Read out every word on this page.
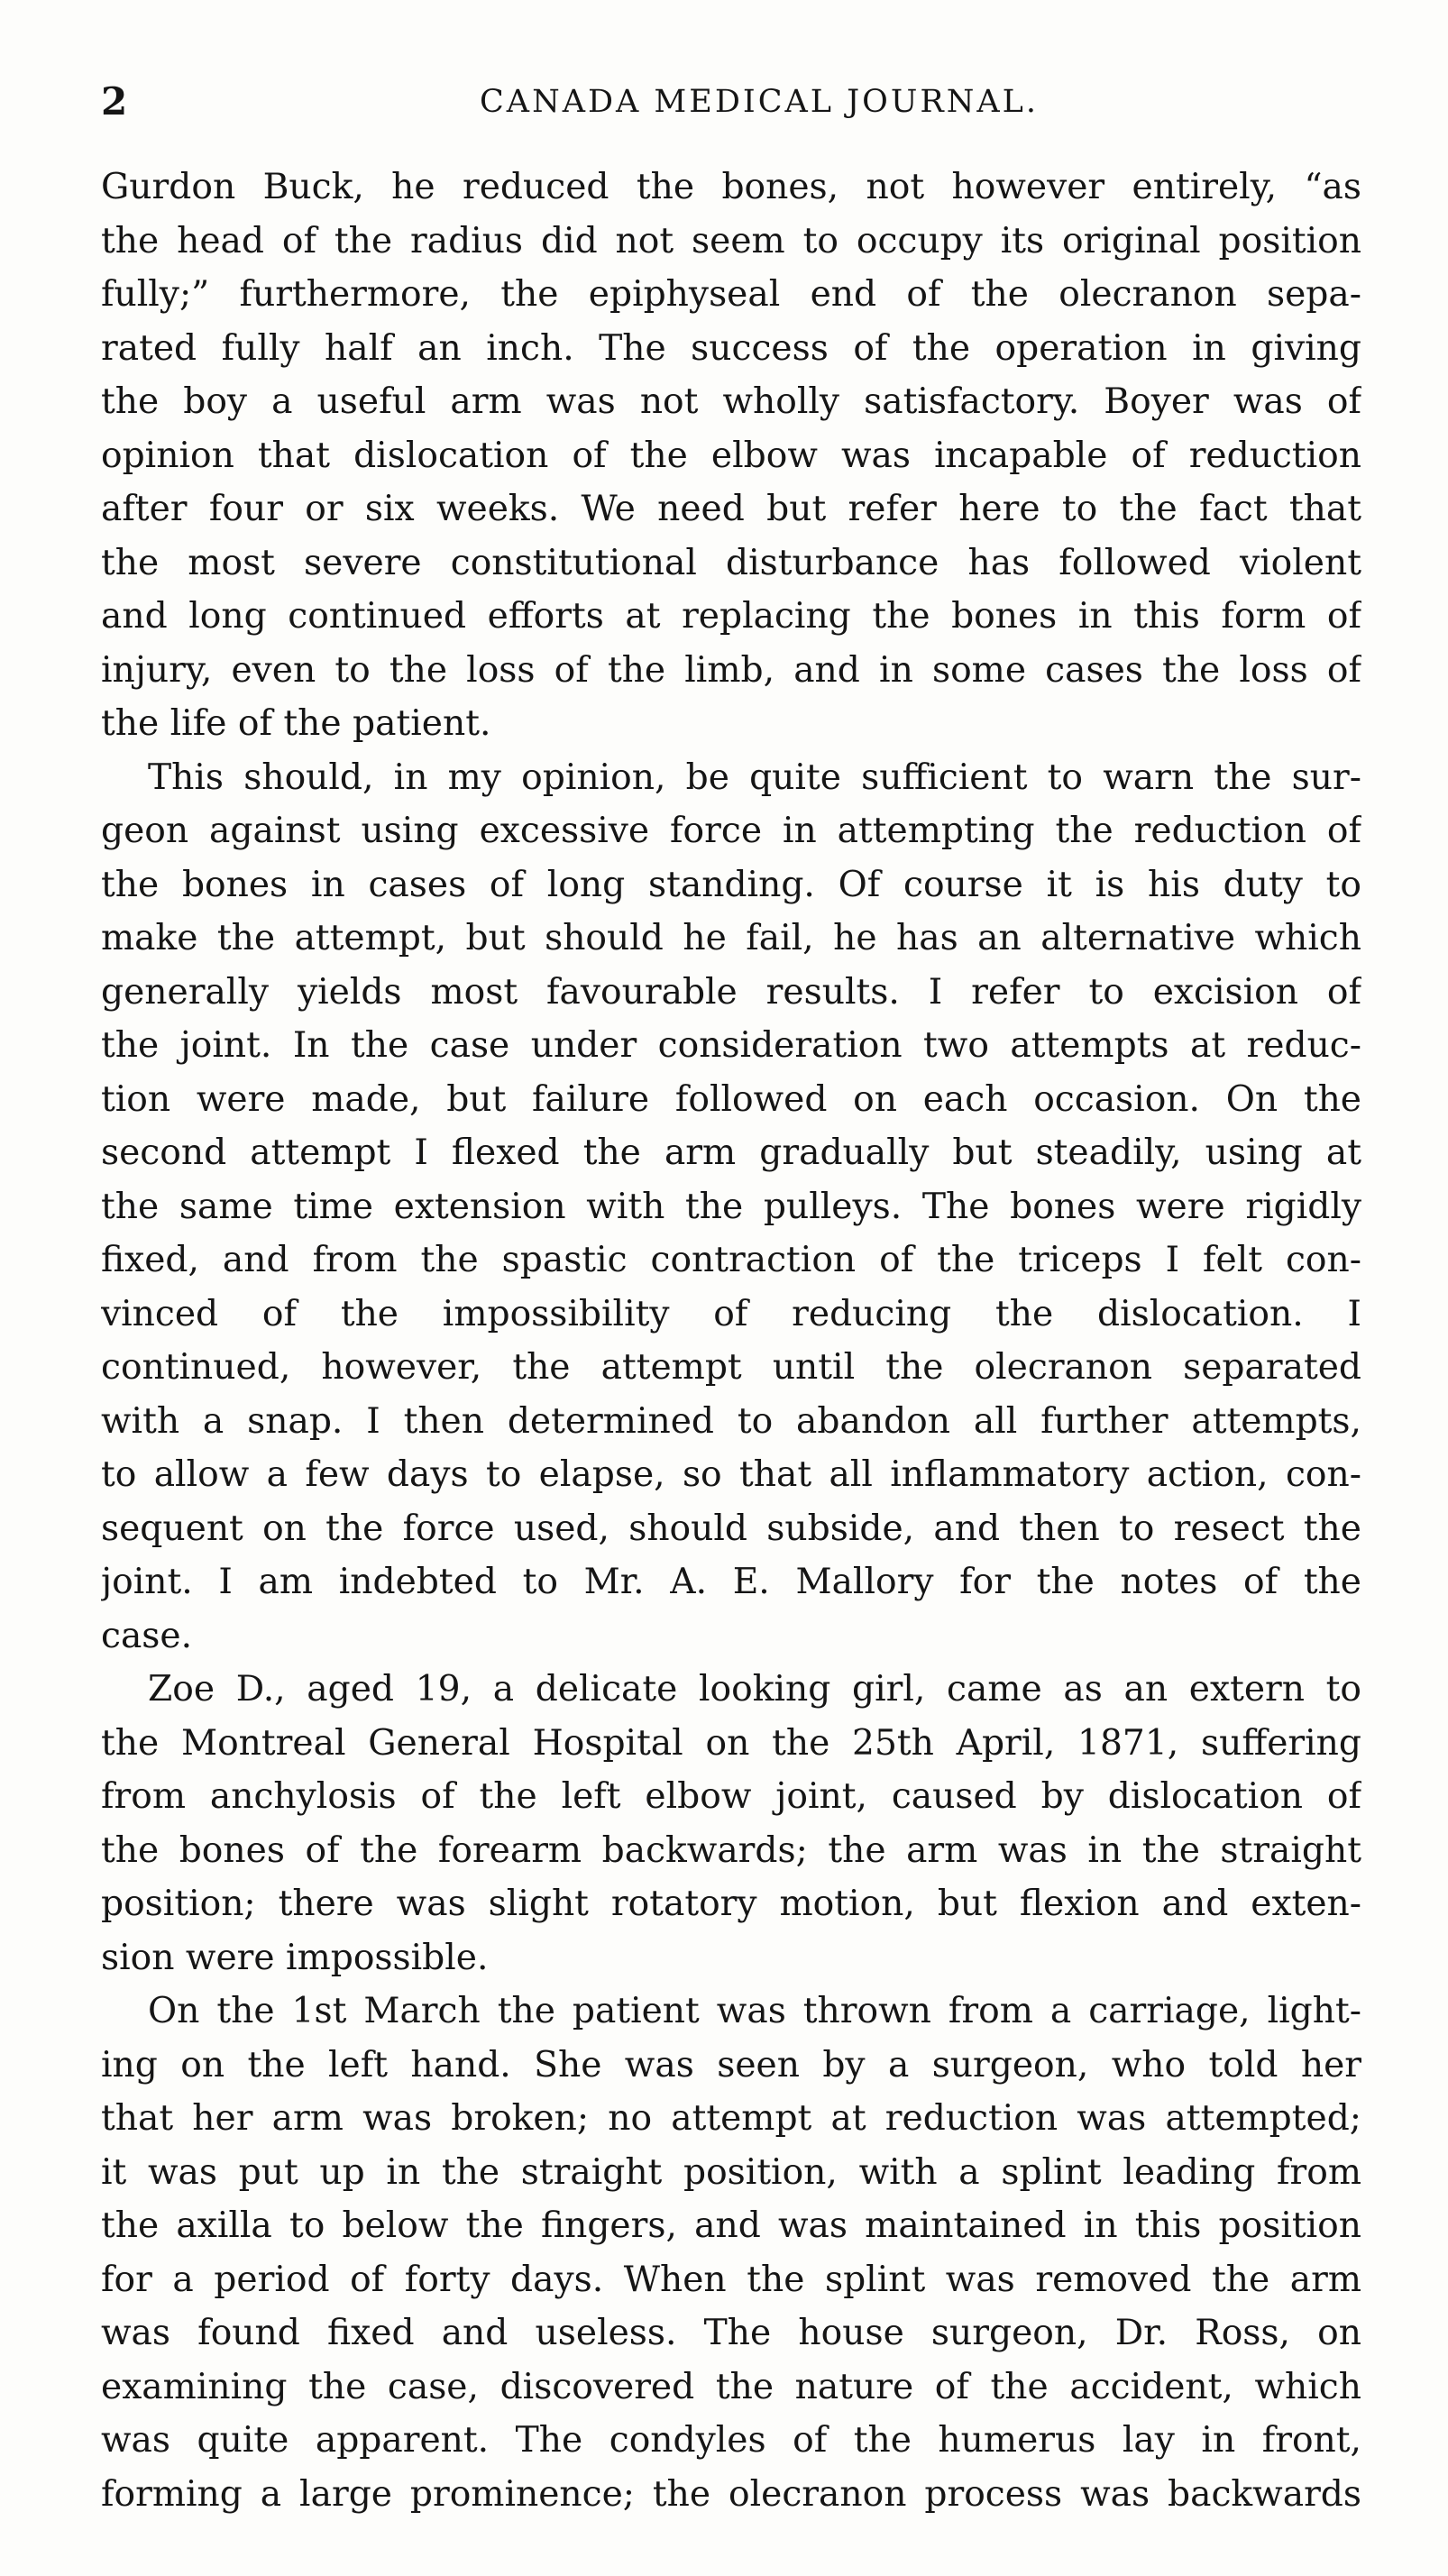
2	CANADA MEDICAL JOURNAL.
Gurdon Buck, he reduced the bones, not however entirely, “as
the head of the radius did not seem to occupy its original position
fully;” furthermore, the epiphyseal end of the olecranon sepa-
rated fully half an inch. The success of the operation in giving
the boy a useful arm was not wholly satisfactory. Boyer was of
opinion that dislocation of the elbow was incapable of reduction
after four or six weeks. We need but refer here to the fact that
the most severe constitutional disturbance has followed violent
and long continued efforts at replacing the bones in this form of
injury, even to the loss of the limb, and in some cases the loss of
the life of the patient.
This should, in my opinion, be quite sufficient to warn the sur-
geon against using excessive force in attempting the reduction of
the bones in cases of long standing. Of course it is his duty to
make the attempt, but should he fail, he has an alternative which
generally yields most favourable results. I refer to excision of
the joint. In the case under consideration two attempts at reduc-
tion were made, but failure followed on each occasion. On the
second attempt I flexed the arm gradually but steadily, using at
the same time extension with the pulleys. The bones were rigidly
fixed, and from the spastic contraction of the triceps I felt con-
vinced of the impossibility of reducing the dislocation. I
continued, however, the attempt until the olecranon separated
with a snap. I then determined to abandon all further attempts,
to allow a few days to elapse, so that all inflammatory action, con-
sequent on the force used, should subside, and then to resect the
joint. I am indebted to Mr. A. E. Mallory for the notes of the
case.
Zoe D., aged 19, a delicate looking girl, came as an extern to
the Montreal General Hospital on the 25th April, 1871, suffering
from anchylosis of the left elbow joint, caused by dislocation of
the bones of the forearm backwards; the arm was in the straight
position; there was slight rotatory motion, but flexion and exten-
sion were impossible.
On the 1st March the patient was thrown from a carriage, light-
ing on the left hand. She was seen by a surgeon, who told her
that her arm was broken; no attempt at reduction was attempted;
it was put up in the straight position, with a splint leading from
the axilla to below the fingers, and was maintained in this position
for a period of forty days. When the splint was removed the arm
was found fixed and useless. The house surgeon, Dr. Ross, on
examining the case, discovered the nature of the accident, which
was quite apparent. The condyles of the humerus lay in front,
forming a large prominence; the olecranon process was backwards
